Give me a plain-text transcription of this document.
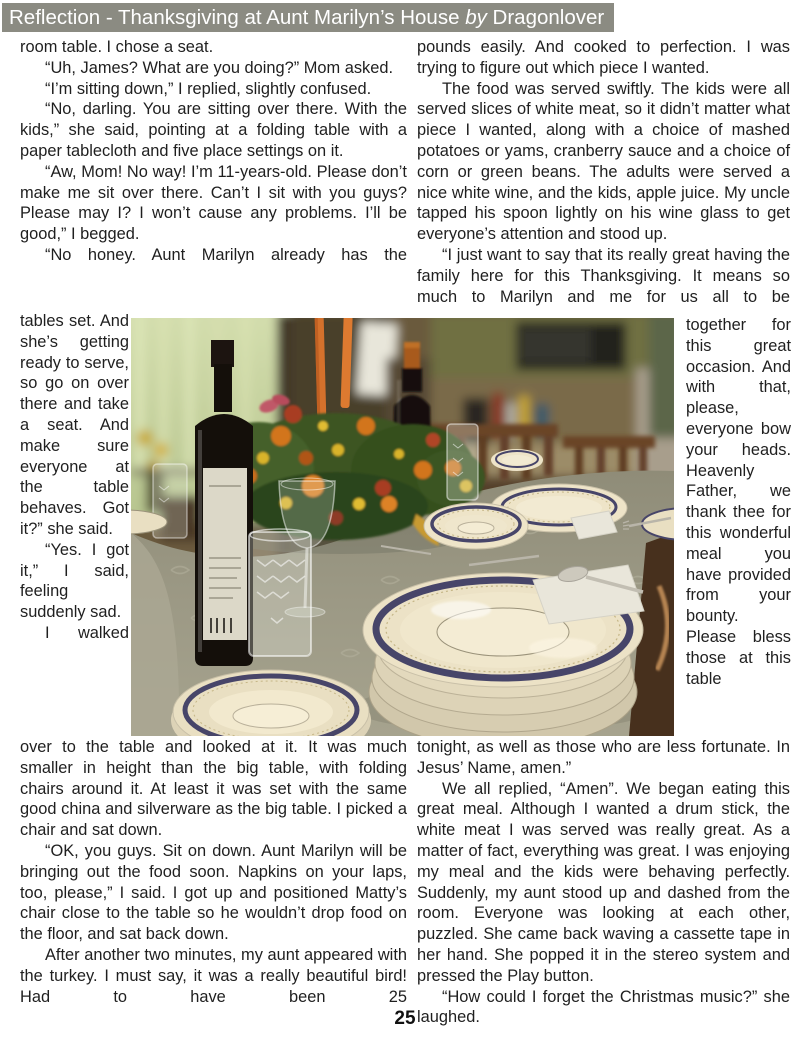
Reflection - Thanksgiving at Aunt Marilyn’s House by Dragonlover

room table. I chose a seat.

“Uh, James? What are you doing?” Mom asked.

“I’m sitting down,” I replied, slightly confused.

“No, darling. You are sitting over there. With the kids,” she said, pointing at a folding table with a paper tablecloth and five place settings on it.

“Aw, Mom! No way! I’m 11-years-old. Please don’t make me sit over there. Can’t I sit with you guys? Please may I? I won’t cause any problems. I’ll be good,” I begged.

“No honey. Aunt Marilyn already has the

tables set. And she’s getting ready to serve, so go on over there and take a seat. And make sure everyone at the table behaves. Got it?” she said.

“Yes. I got it,” I said, feeling suddenly sad.

I walked

over to the table and looked at it. It was much smaller in height than the big table, with folding chairs around it. At least it was set with the same good china and silverware as the big table. I picked a chair and sat down.

“OK, you guys. Sit on down. Aunt Marilyn will be bringing out the food soon. Napkins on your laps, too, please,” I said. I got up and positioned Matty’s chair close to the table so he wouldn’t drop food on the floor, and sat back down.

After another two minutes, my aunt appeared with the turkey. I must say, it was a really beautiful bird! Had to have been 25

pounds easily. And cooked to perfection. I was trying to figure out which piece I wanted.

The food was served swiftly. The kids were all served slices of white meat, so it didn’t matter what piece I wanted, along with a choice of mashed potatoes or yams, cranberry sauce and a choice of corn or green beans. The adults were served a nice white wine, and the kids, apple juice. My uncle tapped his spoon lightly on his wine glass to get everyone’s attention and stood up.

“I just want to say that its really great having the family here for this Thanksgiving. It means so much to Marilyn and me for us all to be

together for this great occasion. And with that, please, everyone bow your heads. Heavenly Father, we thank thee for this wonderful meal you have provided from your bounty. Please bless those at this table

tonight, as well as those who are less fortunate. In Jesus’ Name, amen.”

We all replied, “Amen”. We began eating this great meal. Although I wanted a drum stick, the white meat I was served was really great. As a matter of fact, everything was great. I was enjoying my meal and the kids were behaving perfectly. Suddenly, my aunt stood up and dashed from the room. Everyone was looking at each other, puzzled. She came back waving a cassette tape in her hand. She popped it in the stereo system and pressed the Play button.

“How could I forget the Christmas music?” she laughed.

25
